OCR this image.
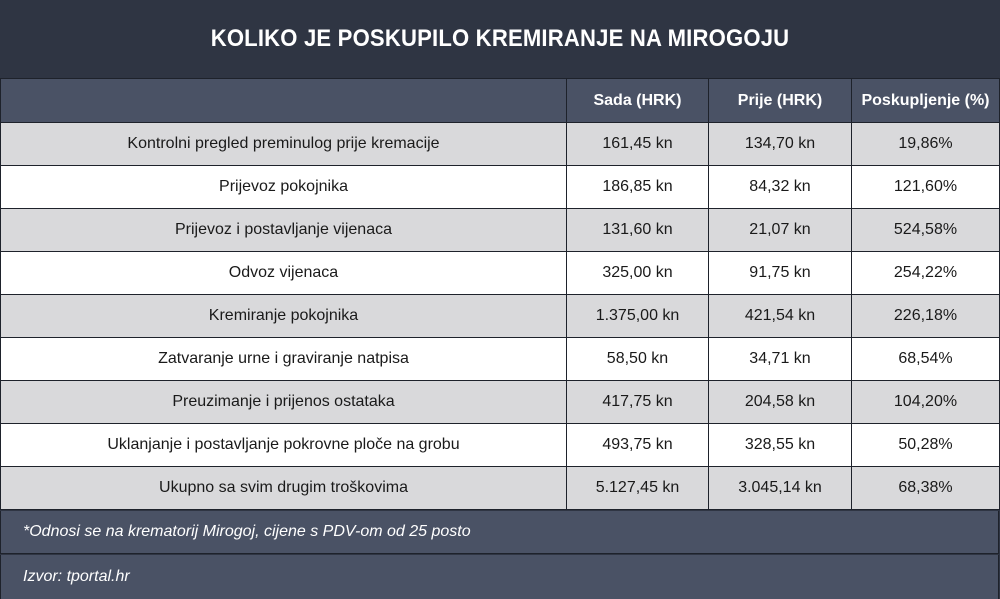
KOLIKO JE POSKUPILO KREMIRANJE NA MIROGOJU
	Sada (HRK)	Prije (HRK)	Poskupljenje (%)
Kontrolni pregled preminulog prije kremacije	161,45 kn	134,70 kn	19,86%
Prijevoz pokojnika	186,85 kn	84,32 kn	121,60%
Prijevoz i postavljanje vijenaca	131,60 kn	21,07 kn	524,58%
Odvoz vijenaca	325,00 kn	91,75 kn	254,22%
Kremiranje pokojnika	1.375,00 kn	421,54 kn	226,18%
Zatvaranje urne i graviranje natpisa	58,50 kn	34,71 kn	68,54%
Preuzimanje i prijenos ostataka	417,75 kn	204,58 kn	104,20%
Uklanjanje i postavljanje pokrovne ploče na grobu	493,75 kn	328,55 kn	50,28%
Ukupno sa svim drugim troškovima	5.127,45 kn	3.045,14 kn	68,38%
*Odnosi se na krematorij Mirogoj, cijene s PDV-om od 25 posto
Izvor: tportal.hr
